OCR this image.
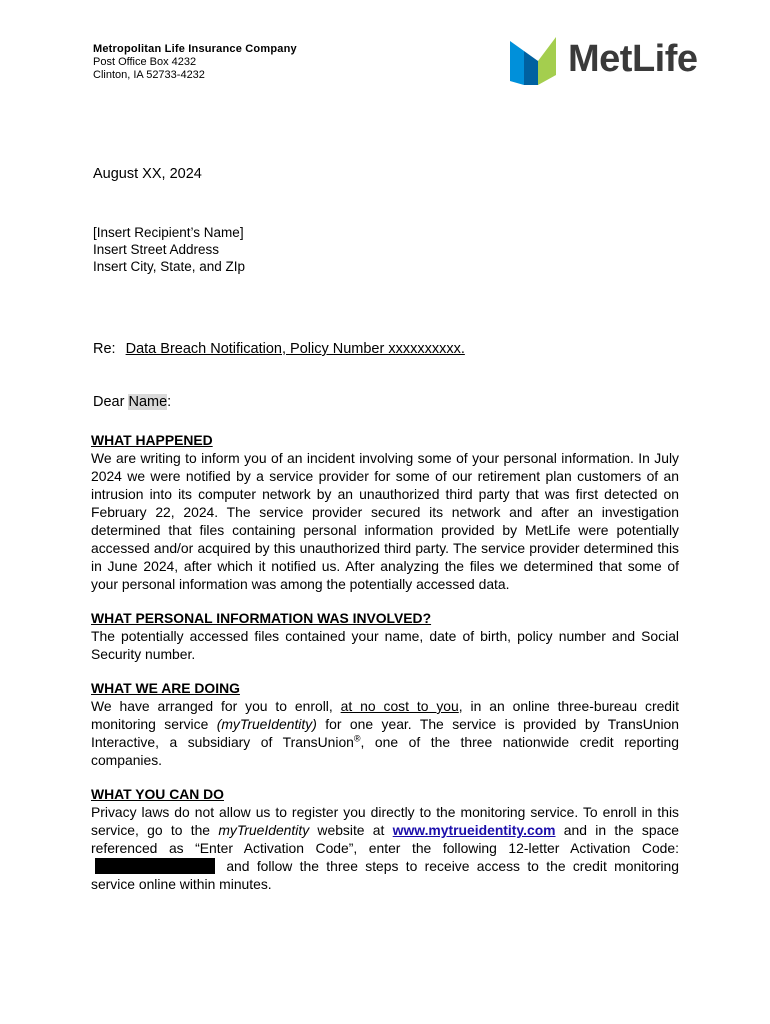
Metropolitan Life Insurance Company
Post Office Box 4232
Clinton, IA 52733-4232	MetLife
August XX, 2024
[Insert Recipient’s Name]
Insert Street Address
Insert City, State, and ZIp
Re: Data Breach Notification, Policy Number xxxxxxxxxx.
Dear Name:
WHAT HAPPENED

We are writing to inform you of an incident involving some of your personal information. In July 2024 we were notified by a service provider for some of our retirement plan customers of an intrusion into its computer network by an unauthorized third party that was first detected on February 22, 2024. The service provider secured its network and after an investigation determined that files containing personal information provided by MetLife were potentially accessed and/or acquired by this unauthorized third party. The service provider determined this in June 2024, after which it notified us. After analyzing the files we determined that some of your personal information was among the potentially accessed data.

WHAT PERSONAL INFORMATION WAS INVOLVED?

The potentially accessed files contained your name, date of birth, policy number and Social Security number.

WHAT WE ARE DOING

We have arranged for you to enroll, at no cost to you, in an online three-bureau credit monitoring service (myTrueIdentity) for one year. The service is provided by TransUnion Interactive, a subsidiary of TransUnion®, one of the three nationwide credit reporting companies.

WHAT YOU CAN DO

Privacy laws do not allow us to register you directly to the monitoring service. To enroll in this service, go to the myTrueIdentity website at www.mytrueidentity.com and in the space referenced as “Enter Activation Code”, enter the following 12-letter Activation Code:  and follow the three steps to receive access to the credit monitoring service online within minutes.
